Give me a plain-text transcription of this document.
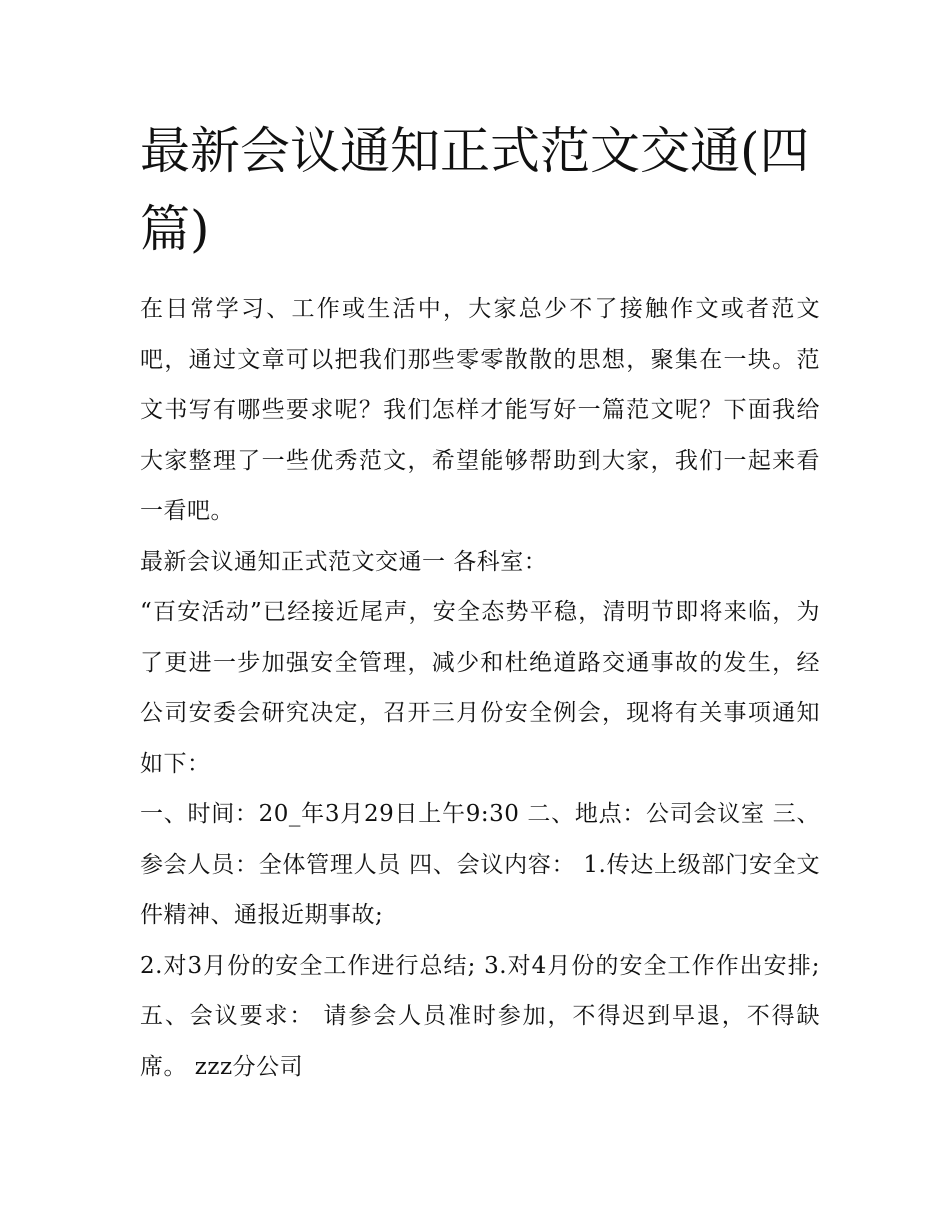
最新会议通知正式范文交通(四篇)

在日常学习、工作或生活中，大家总少不了接触作文或者范文吧，通过文章可以把我们那些零零散散的思想，聚集在一块。范文书写有哪些要求呢？我们怎样才能写好一篇范文呢？下面我给大家整理了一些优秀范文，希望能够帮助到大家，我们一起来看一看吧。

最新会议通知正式范文交通一 各科室：

“百安活动”已经接近尾声，安全态势平稳，清明节即将来临，为了更进一步加强安全管理，减少和杜绝道路交通事故的发生，经公司安委会研究决定，召开三月份安全例会，现将有关事项通知如下：

一、时间：20_年3月29日上午9:30 二、地点：公司会议室 三、参会人员：全体管理人员 四、会议内容： 1.传达上级部门安全文件精神、通报近期事故;

2.对3月份的安全工作进行总结; 3.对4月份的安全工作作出安排; 五、会议要求： 请参会人员准时参加，不得迟到早退，不得缺席。 zzz分公司
